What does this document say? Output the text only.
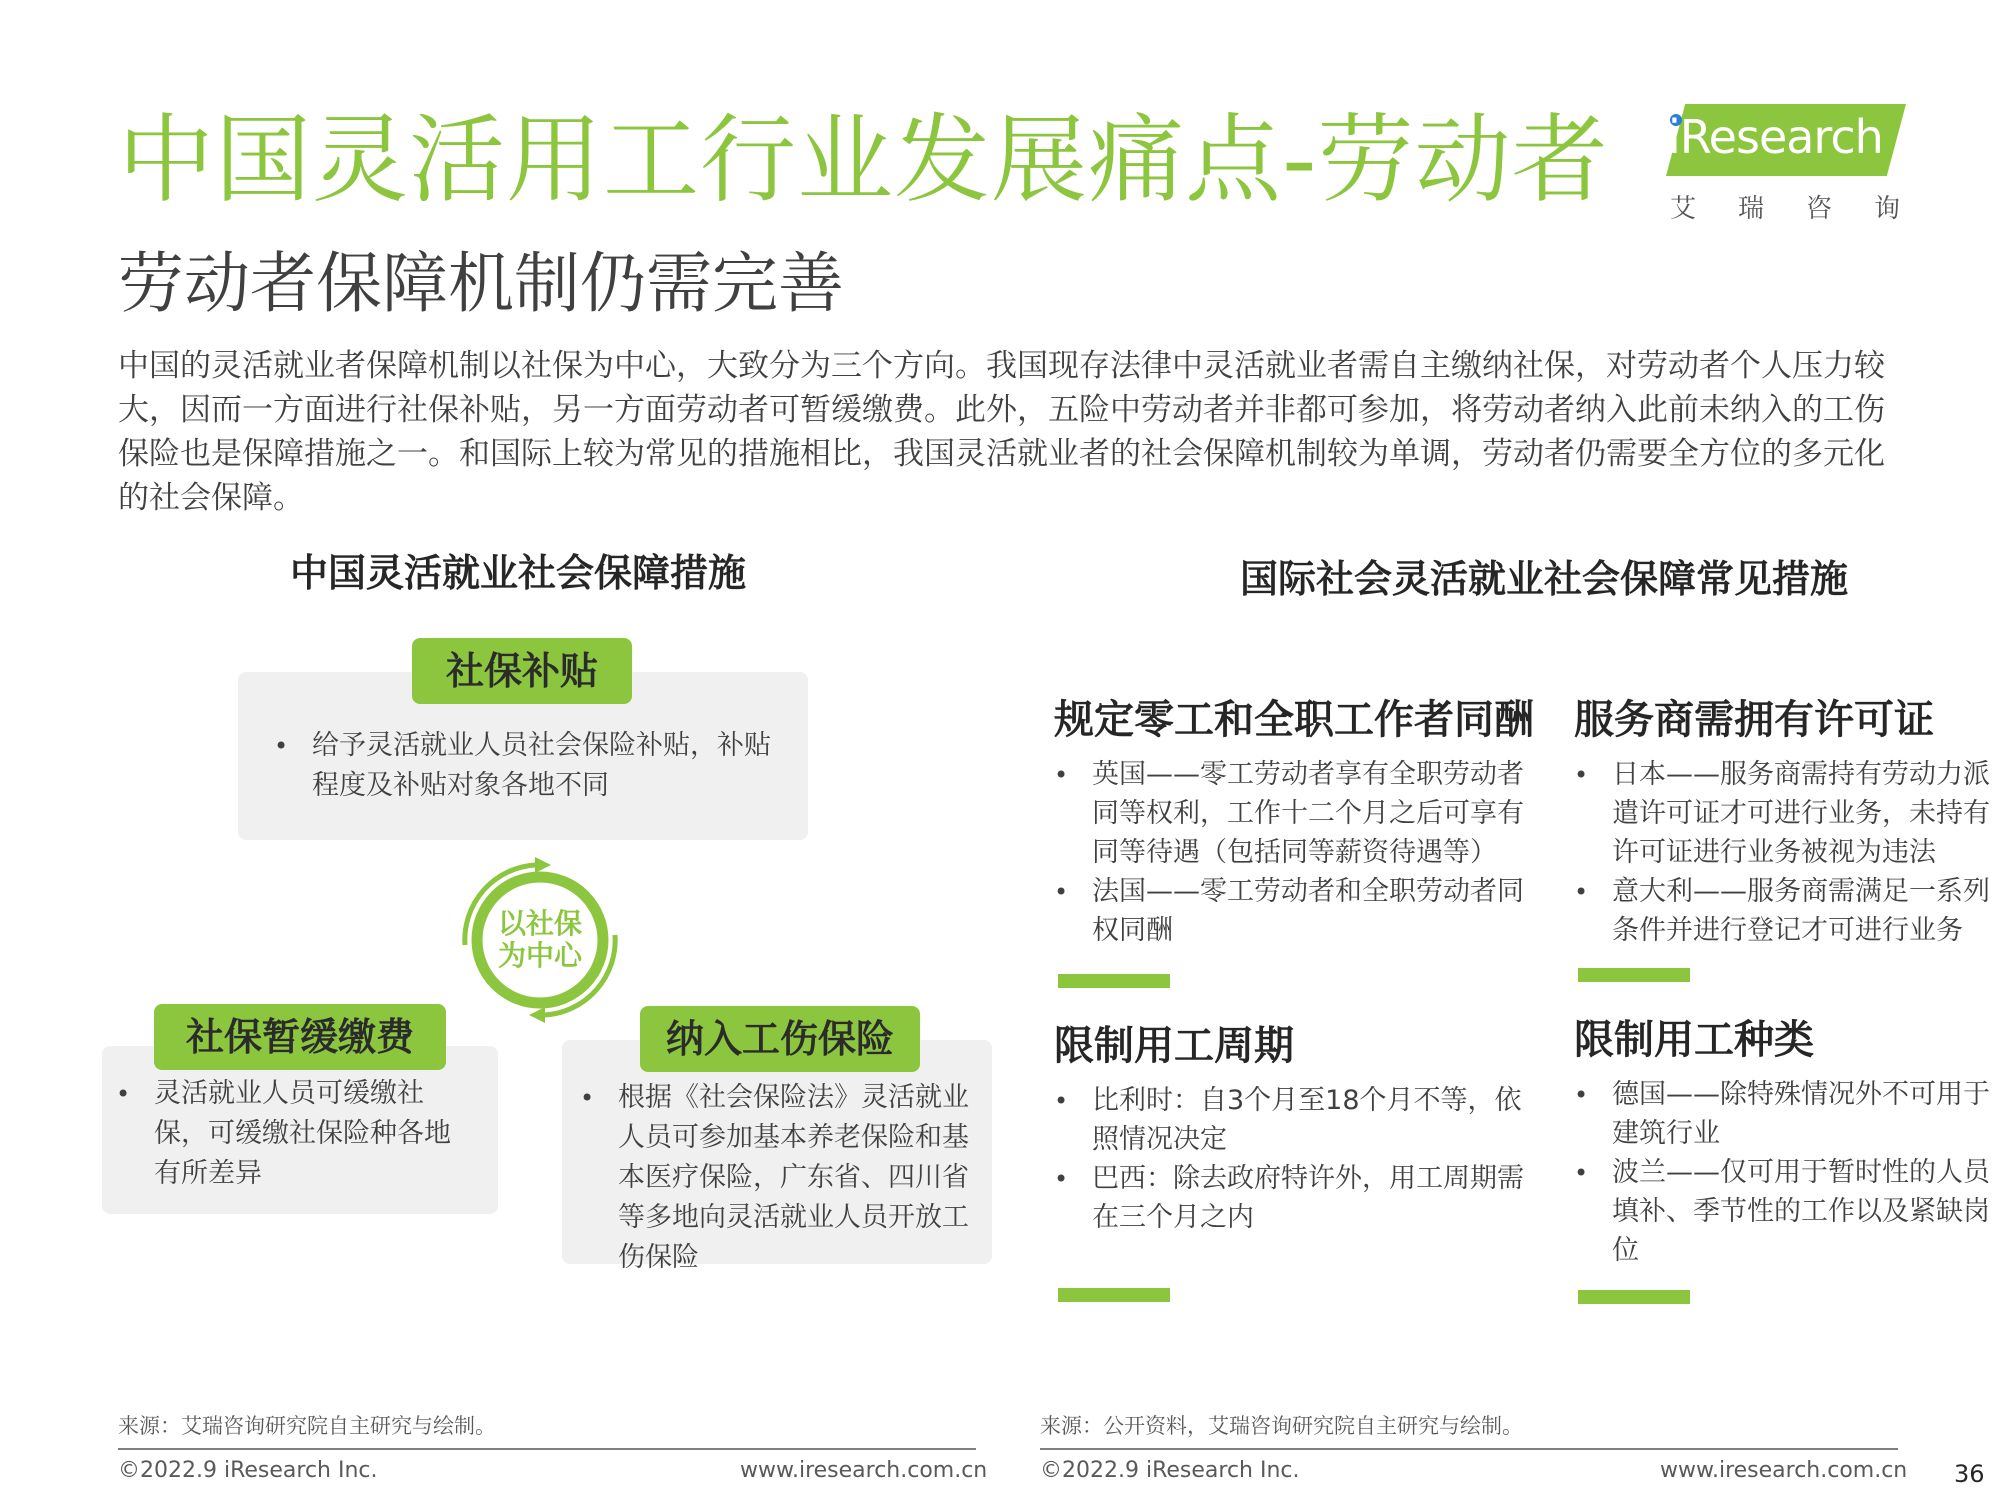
中国灵活用工行业发展痛点-劳动者
劳动者保障机制仍需完善
中国的灵活就业者保障机制以社保为中心，大致分为三个方向。我国现存法律中灵活就业者需自主缴纳社保，对劳动者个人压力较大，因而一方面进行社保补贴，另一方面劳动者可暂缓缴费。此外，五险中劳动者并非都可参加，将劳动者纳入此前未纳入的工伤保险也是保障措施之一。和国际上较为常见的措施相比，我国灵活就业者的社会保障机制较为单调，劳动者仍需要全方位的多元化的社会保障。
iResearch
艾瑞咨询
中国灵活就业社会保障措施
• 给予灵活就业人员社会保险补贴，补贴程度及补贴对象各地不同
社保补贴
以社保
为中心
• 灵活就业人员可缓缴社保，可缓缴社保险种各地有所差异
社保暂缓缴费
• 根据《社会保险法》灵活就业人员可参加基本养老保险和基本医疗保险，广东省、四川省等多地向灵活就业人员开放工伤保险
纳入工伤保险
国际社会灵活就业社会保障常见措施
规定零工和全职工作者同酬
• 英国——零工劳动者享有全职劳动者同等权利，工作十二个月之后可享有同等待遇（包括同等薪资待遇等）
• 法国——零工劳动者和全职劳动者同权同酬
服务商需拥有许可证
• 日本——服务商需持有劳动力派遣许可证才可进行业务，未持有许可证进行业务被视为违法
• 意大利——服务商需满足一系列条件并进行登记才可进行业务
限制用工周期
• 比利时：自3个月至18个月不等，依照情况决定
• 巴西：除去政府特许外，用工周期需在三个月之内
限制用工种类
• 德国——除特殊情况外不可用于建筑行业
• 波兰——仅可用于暂时性的人员填补、季节性的工作以及紧缺岗位
来源：艾瑞咨询研究院自主研究与绘制。	来源：公开资料，艾瑞咨询研究院自主研究与绘制。
©2022.9 iResearch Inc.	www.iresearch.com.cn ©2022.9 iResearch Inc.	www.iresearch.com.cn 36
